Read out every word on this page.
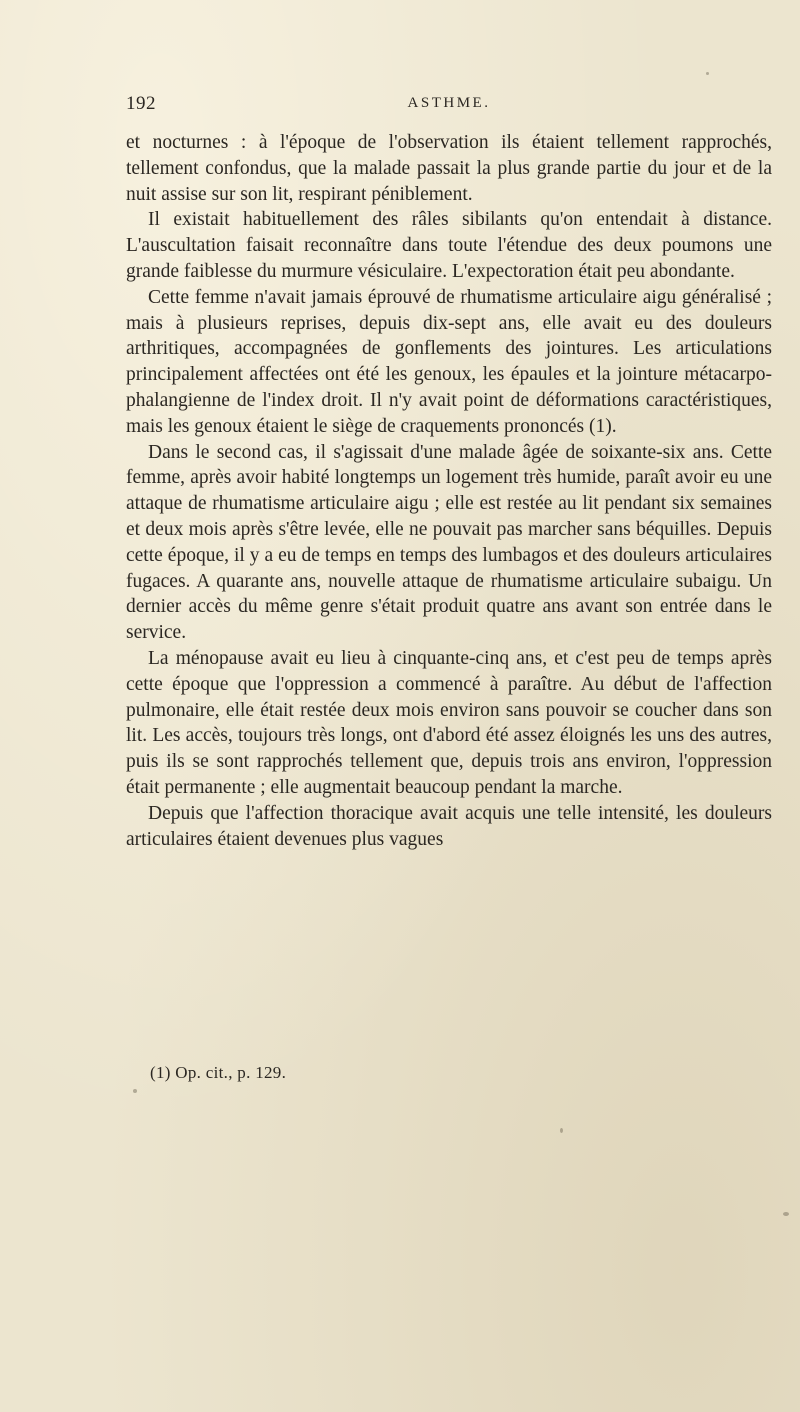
192	ASTHME.

et nocturnes : à l'époque de l'observation ils étaient tellement rapprochés, tellement confondus, que la malade passait la plus grande partie du jour et de la nuit assise sur son lit, respirant péniblement.

Il existait habituellement des râles sibilants qu'on entendait à distance. L'auscultation faisait reconnaître dans toute l'étendue des deux poumons une grande faiblesse du murmure vésiculaire. L'expectoration était peu abondante.

Cette femme n'avait jamais éprouvé de rhumatisme articulaire aigu généralisé ; mais à plusieurs reprises, depuis dix-sept ans, elle avait eu des douleurs arthritiques, accompagnées de gonflements des jointures. Les articulations principalement affectées ont été les genoux, les épaules et la jointure métacarpo-phalangienne de l'index droit. Il n'y avait point de déformations caractéristiques, mais les genoux étaient le siège de craquements prononcés (1).

Dans le second cas, il s'agissait d'une malade âgée de soixante-six ans. Cette femme, après avoir habité longtemps un logement très humide, paraît avoir eu une attaque de rhumatisme articulaire aigu ; elle est restée au lit pendant six semaines et deux mois après s'être levée, elle ne pouvait pas marcher sans béquilles. Depuis cette époque, il y a eu de temps en temps des lumbagos et des douleurs articulaires fugaces. A quarante ans, nouvelle attaque de rhumatisme articulaire subaigu. Un dernier accès du même genre s'était produit quatre ans avant son entrée dans le service.

La ménopause avait eu lieu à cinquante-cinq ans, et c'est peu de temps après cette époque que l'oppression a commencé à paraître. Au début de l'affection pulmonaire, elle était restée deux mois environ sans pouvoir se coucher dans son lit. Les accès, toujours très longs, ont d'abord été assez éloignés les uns des autres, puis ils se sont rapprochés tellement que, depuis trois ans environ, l'oppression était permanente ; elle augmentait beaucoup pendant la marche.

Depuis que l'affection thoracique avait acquis une telle intensité, les douleurs articulaires étaient devenues plus vagues

(1) Op. cit., p. 129.
